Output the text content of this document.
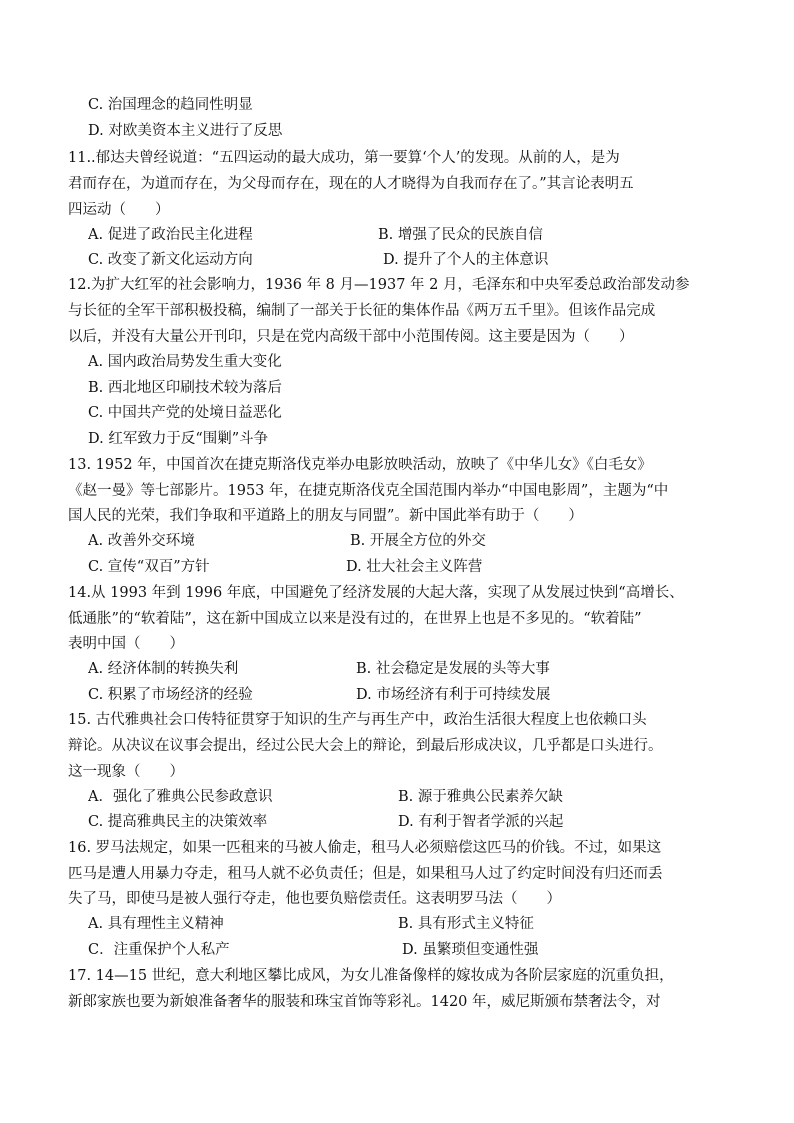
C. 治国理念的趋同性明显
D. 对欧美资本主义进行了反思
11..郁达夫曾经说道：“五四运动的最大成功，第一要算‘个人’的发现。从前的人，是为
君而存在，为道而存在，为父母而存在，现在的人才晓得为自我而存在了。”其言论表明五
四运动（　　）
A. 促进了政治民主化进程	B. 增强了民众的民族自信
C. 改变了新文化运动方向	D. 提升了个人的主体意识
12.为扩大红军的社会影响力，1936 年 8 月—1937 年 2 月，毛泽东和中央军委总政治部发动参
与长征的全军干部积极投稿，编制了一部关于长征的集体作品《两万五千里》。但该作品完成
以后，并没有大量公开刊印，只是在党内高级干部中小范围传阅。这主要是因为（　　）
A. 国内政治局势发生重大变化
B. 西北地区印刷技术较为落后
C. 中国共产党的处境日益恶化
D. 红军致力于反“围剿”斗争
13. 1952 年，中国首次在捷克斯洛伐克举办电影放映活动，放映了《中华儿女》《白毛女》
《赵一曼》等七部影片。1953 年，在捷克斯洛伐克全国范围内举办“中国电影周”，主题为“中
国人民的光荣，我们争取和平道路上的朋友与同盟”。新中国此举有助于（　　）
A. 改善外交环境	B. 开展全方位的外交
C. 宣传“双百”方针	D. 壮大社会主义阵营
14.从 1993 年到 1996 年底，中国避免了经济发展的大起大落，实现了从发展过快到“高增长、
低通胀”的“软着陆”，这在新中国成立以来是没有过的，在世界上也是不多见的。“软着陆”
表明中国（　　）
A. 经济体制的转换失利	B. 社会稳定是发展的头等大事
C. 积累了市场经济的经验	D. 市场经济有利于可持续发展
15. 古代雅典社会口传特征贯穿于知识的生产与再生产中，政治生活很大程度上也依赖口头
辩论。从决议在议事会提出，经过公民大会上的辩论，到最后形成决议，几乎都是口头进行。
这一现象（　　）
A．强化了雅典公民参政意识	B. 源于雅典公民素养欠缺
C. 提高雅典民主的决策效率	D. 有利于智者学派的兴起
16. 罗马法规定，如果一匹租来的马被人偷走，租马人必须赔偿这匹马的价钱。不过，如果这
匹马是遭人用暴力夺走，租马人就不必负责任；但是，如果租马人过了约定时间没有归还而丢
失了马，即使马是被人强行夺走，他也要负赔偿责任。这表明罗马法（　　）
A. 具有理性主义精神	B. 具有形式主义特征
C．注重保护个人私产	D. 虽繁琐但变通性强
17. 14—15 世纪，意大利地区攀比成风，为女儿准备像样的嫁妆成为各阶层家庭的沉重负担，
新郎家族也要为新娘准备奢华的服装和珠宝首饰等彩礼。1420 年，威尼斯颁布禁奢法令，对
